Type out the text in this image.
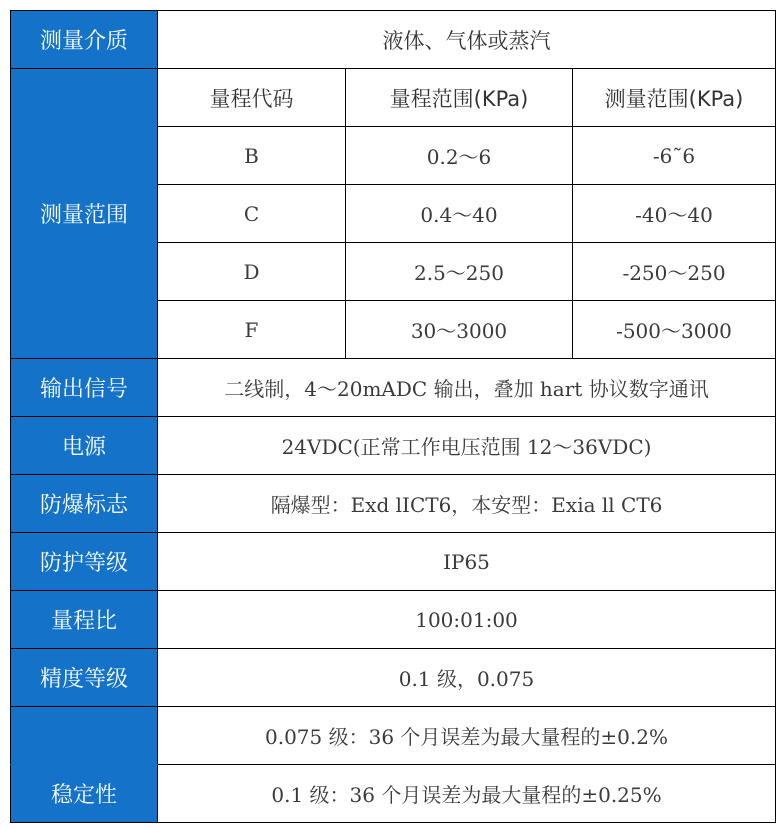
测量介质	液体、气体或蒸汽		
测量范围	量程代码	量程范围(KPa)	测量范围(KPa)
	B	0.2～6	-6˜6
	C	0.4～40	-40～40
	D	2.5～250	-250～250
	F	30～3000	-500～3000
输出信号	二线制，4～20mADC 输出，叠加 hart 协议数字通讯		
电源	24VDC(正常工作电压范围 12～36VDC)		
防爆标志	隔爆型：Exd lICT6，本安型：Exia ll CT6		
防护等级	IP65		
量程比	100:01:00		
精度等级	0.1 级，0.075		
	0.075 级：36 个月误差为最大量程的±0.2%		
稳定性	0.1 级：36 个月误差为最大量程的±0.25%		
